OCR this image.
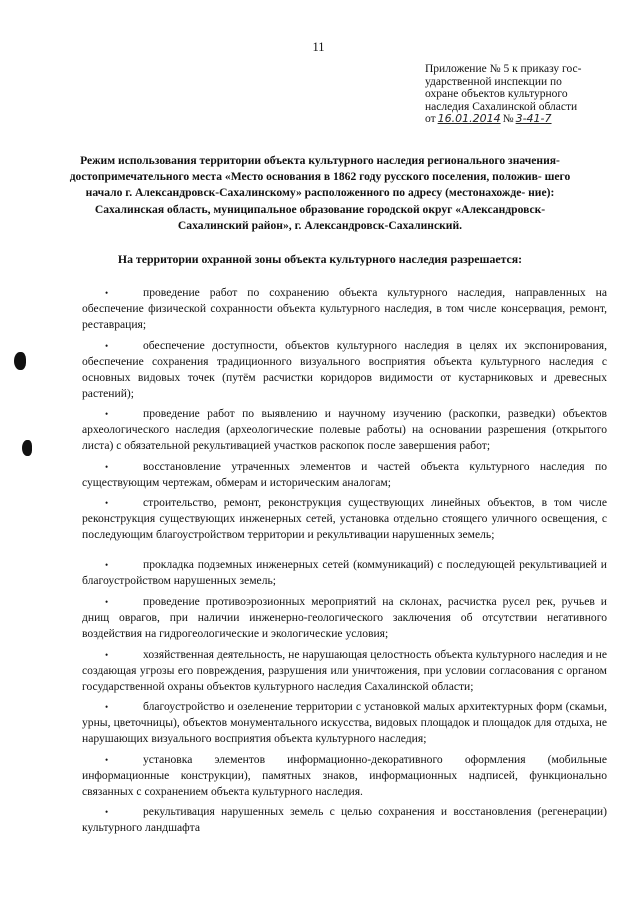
11
Приложение № 5 к приказу гос-
ударственной инспекции по
охране объектов культурного
наследия Сахалинской области
от 16.01.2014 № 3-41-7
Режим использования территории объекта культурного наследия регионального значения- достопримечательного места «Место основания в 1862 году русского поселения, положив- шего начало г. Александровск-Сахалинскому» расположенного по адресу (местонахожде- ние): Сахалинская область, муниципальное образование городской округ «Александровск- Сахалинский район», г. Александровск-Сахалинский.
На территории охранной зоны объекта культурного наследия разрешается:

•	проведение работ по сохранению объекта культурного наследия, направленных на обеспечение физической сохранности объекта культурного наследия, в том числе консервация, ремонт, реставрация;

•	обеспечение доступности, объектов культурного наследия в целях их экспонирования, обеспечение сохранения традиционного визуального восприятия объекта культурного наследия с основных видовых точек (путём расчистки коридоров видимости от кустарниковых и древесных растений);

•	проведение работ по выявлению и научному изучению (раскопки, разведки) объектов археологического наследия (археологические полевые работы) на основании разрешения (открытого листа) с обязательной рекультивацией участков раскопок после завершения работ;

•	восстановление утраченных элементов и частей объекта культурного наследия по существующим чертежам, обмерам и историческим аналогам;

•	строительство, ремонт, реконструкция существующих линейных объектов, в том числе реконструкция существующих инженерных сетей, установка отдельно стоящего уличного освещения, с последующим благоустройством территории и рекультивации нарушенных земель;

•	прокладка подземных инженерных сетей (коммуникаций) с последующей рекультивацией и благоустройством нарушенных земель;

•	проведение противоэрозионных мероприятий на склонах, расчистка русел рек, ручьев и днищ оврагов, при наличии инженерно-геологического заключения об отсутствии негативного воздействия на гидрогеологические и экологические условия;

•	хозяйственная деятельность, не нарушающая целостность объекта культурного наследия и не создающая угрозы его повреждения, разрушения или уничтожения, при условии согласования с органом государственной охраны объектов культурного наследия Сахалинской области;

•	благоустройство и озеленение территории с установкой малых архитектурных форм (скамьи, урны, цветочницы), объектов монументального искусства, видовых площадок и площадок для отдыха, не нарушающих визуального восприятия объекта культурного наследия;

•	установка элементов информационно-декоративного оформления (мобильные информационные конструкции), памятных знаков, информационных надписей, функционально связанных с сохранением объекта культурного наследия.

•	рекультивация нарушенных земель с целью сохранения и восстановления (регенерации) культурного ландшафта
